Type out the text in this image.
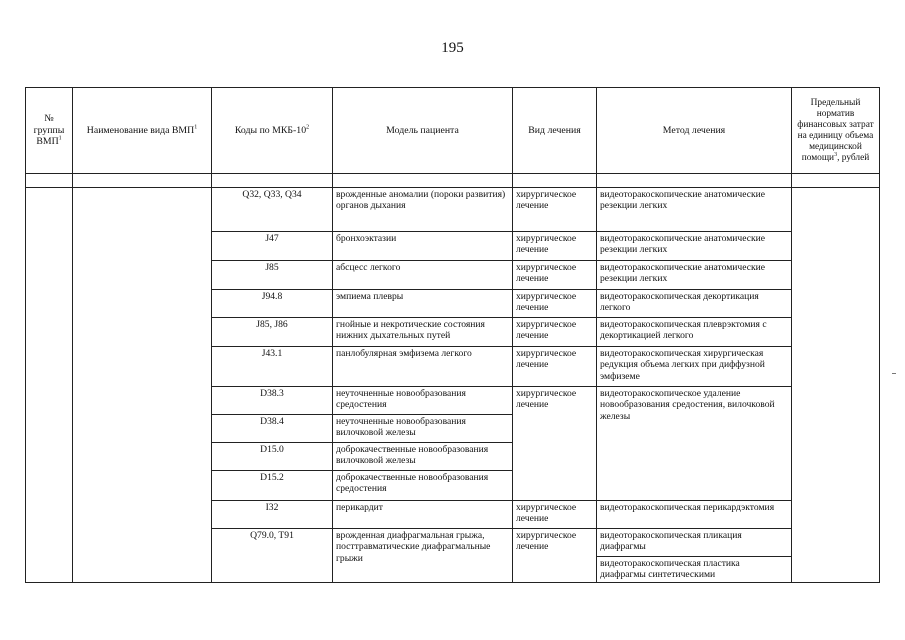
195
№
группы
ВМП$^1$	Наименование вида ВМП$^1$	Коды по МКБ-$10^2$	Модель пациента	Вид лечения	Метод лечения	Предельный норматив финансовых затрат на единицу объема медицинской помощи$^3$, рублей

		Q32, Q33, Q34	врожденные аномалии (пороки развития) органов дыхания	хирургическое лечение	видеоторакоскопические анатомические резекции легких	
		J47	бронхоэктазии	хирургическое лечение	видеоторакоскопические анатомические резекции легких	
		J85	абсцесс легкого	хирургическое лечение	видеоторакоскопические анатомические резекции легких	
		J94.8	эмпиема плевры	хирургическое лечение	видеоторакоскопическая декортикация легкого	
		J85, J86	гнойные и некротические состояния нижних дыхательных путей	хирургическое лечение	видеоторакоскопическая плеврэктомия с декортикацией легкого	
		J43.1	панлобулярная эмфизема легкого	хирургическое лечение	видеоторакоскопическая хирургическая редукция объема легких при диффузной эмфиземе	
		D38.3	неуточненные новообразования средостения	хирургическое лечение	видеоторакоскопическое удаление новообразования средостения, вилочковой железы	
		D38.4	неуточненные новообразования вилочковой железы			
		D15.0	доброкачественные новообразования вилочковой железы			
		D15.2	доброкачественные новообразования средостения			
		I32	перикардит	хирургическое лечение	видеоторакоскопическая перикардэктомия	
		Q79.0, T91	врожденная диафрагмальная грыжа, посттравматические диафрагмальные грыжи	хирургическое лечение	видеоторакоскопическая пликация диафрагмы	
					видеоторакоскопическая пластика диафрагмы синтетическими	
